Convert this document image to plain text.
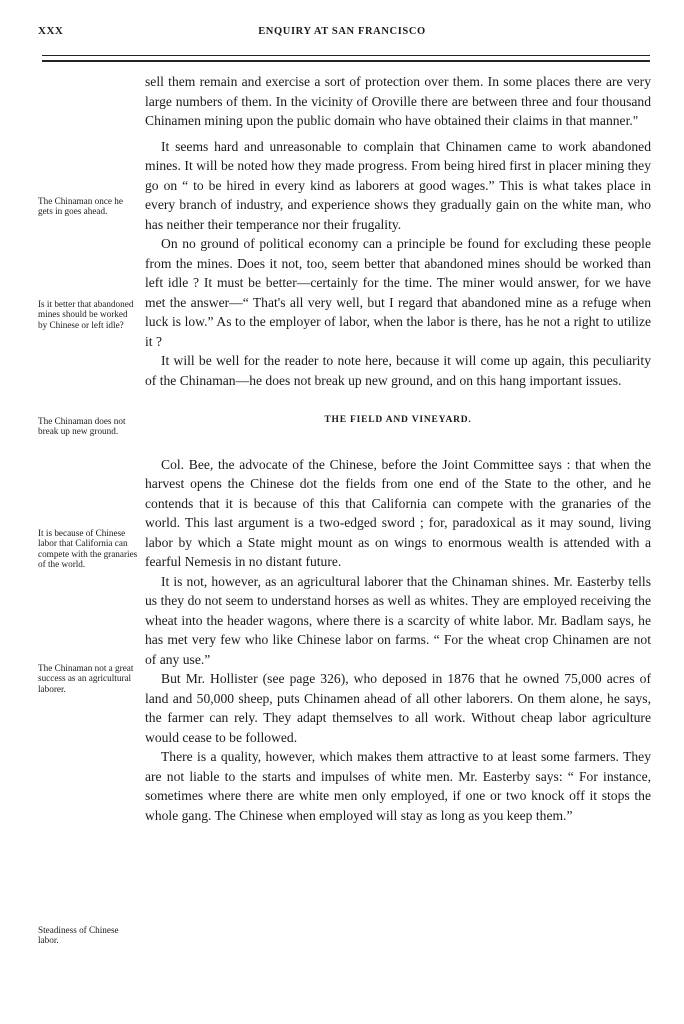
XXX	ENQUIRY AT SAN FRANCISCO

sell them remain and exercise a sort of protection over them. In some places there are very large numbers of them. In the vicinity of Oroville there are between three and four thousand Chinamen mining upon the public domain who have obtained their claims in that manner."

It seems hard and unreasonable to complain that Chinamen came to work abandoned mines. It will be noted how they made progress. From being hired first in placer mining they go on “ to be hired in every kind as laborers at good wages.” This is what takes place in every branch of industry, and experience shows they gradually gain on the white man, who has neither their temperance nor their frugality.

On no ground of political economy can a principle be found for excluding these people from the mines. Does it not, too, seem better that abandoned mines should be worked than left idle ? It must be better—certainly for the time. The miner would answer, for we have met the answer—“ That's all very well, but I regard that abandoned mine as a refuge when luck is low.” As to the employer of labor, when the labor is there, has he not a right to utilize it ?

It will be well for the reader to note here, because it will come up again, this peculiarity of the Chinaman—he does not break up new ground, and on this hang important issues.

THE FIELD AND VINEYARD.

Col. Bee, the advocate of the Chinese, before the Joint Committee says : that when the harvest opens the Chinese dot the fields from one end of the State to the other, and he contends that it is because of this that California can compete with the granaries of the world. This last argument is a two-edged sword ; for, paradoxical as it may sound, living labor by which a State might mount as on wings to enormous wealth is attended with a fearful Nemesis in no distant future.

It is not, however, as an agricultural laborer that the Chinaman shines. Mr. Easterby tells us they do not seem to understand horses as well as whites. They are employed receiving the wheat into the header wagons, where there is a scarcity of white labor. Mr. Badlam says, he has met very few who like Chinese labor on farms. “ For the wheat crop Chinamen are not of any use.”

But Mr. Hollister (see page 326), who deposed in 1876 that he owned 75,000 acres of land and 50,000 sheep, puts Chinamen ahead of all other laborers. On them alone, he says, the farmer can rely. They adapt themselves to all work. Without cheap labor agriculture would cease to be followed.

There is a quality, however, which makes them attractive to at least some farmers. They are not liable to the starts and impulses of white men. Mr. Easterby says: “ For instance, sometimes where there are white men only employed, if one or two knock off it stops the whole gang. The Chinese when employed will stay as long as you keep them.”

The Chinaman once he gets in goes ahead.
Is it better that abandoned mines should be worked by Chinese or left idle?
The Chinaman does not break up new ground.
It is because of Chinese labor that California can compete with the granaries of the world.
The Chinaman not a great success as an agricultural laborer.
Steadiness of Chinese labor.
